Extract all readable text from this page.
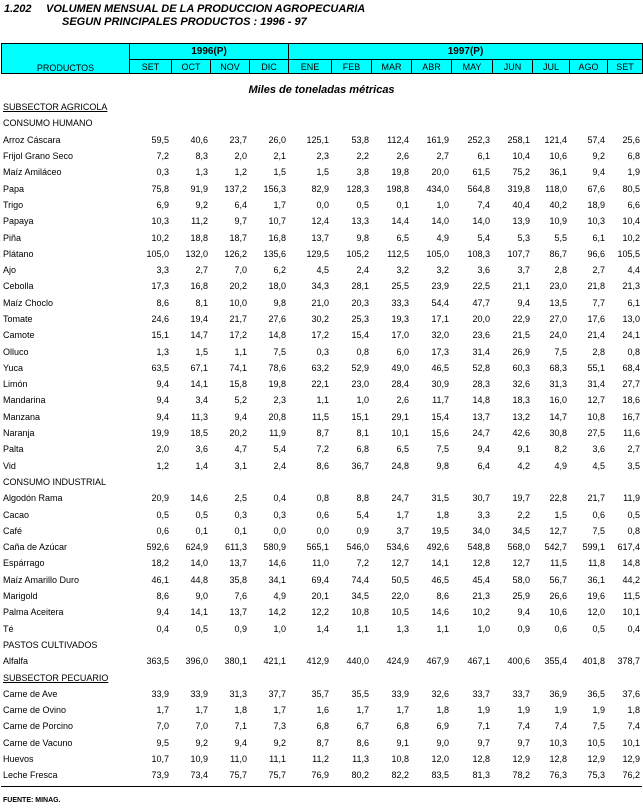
1.202 VOLUMEN MENSUAL DE LA PRODUCCION AGROPECUARIA
SEGUN PRINCIPALES PRODUCTOS : 1996 - 97
PRODUCTOS	1996(P)				1997(P)								
	SET	OCT	NOV	DIC	ENE	FEB	MAR	ABR	MAY	JUN	JUL	AGO	SET
Miles de toneladas métricas
SUBSECTOR AGRICOLA													
CONSUMO HUMANO													
Arroz Cáscara	59,5	40,6	23,7	26,0	125,1	53,8	112,4	161,9	252,3	258,1	121,4	57,4	25,6
Frijol Grano Seco	7,2	8,3	2,0	2,1	2,3	2,2	2,6	2,7	6,1	10,4	10,6	9,2	6,8
Maíz Amiláceo	0,3	1,3	1,2	1,5	1,5	3,8	19,8	20,0	61,5	75,2	36,1	9,4	1,9
Papa	75,8	91,9	137,2	156,3	82,9	128,3	198,8	434,0	564,8	319,8	118,0	67,6	80,5
Trigo	6,9	9,2	6,4	1,7	0,0	0,5	0,1	1,0	7,4	40,4	40,2	18,9	6,6
Papaya	10,3	11,2	9,7	10,7	12,4	13,3	14,4	14,0	14,0	13,9	10,9	10,3	10,4
Piña	10,2	18,8	18,7	16,8	13,7	9,8	6,5	4,9	5,4	5,3	5,5	6,1	10,2
Plátano	105,0	132,0	126,2	135,6	129,5	105,2	112,5	105,0	108,3	107,7	86,7	96,6	105,5
Ajo	3,3	2,7	7,0	6,2	4,5	2,4	3,2	3,2	3,6	3,7	2,8	2,7	4,4
Cebolla	17,3	16,8	20,2	18,0	34,3	28,1	25,5	23,9	22,5	21,1	23,0	21,8	21,3
Maíz Choclo	8,6	8,1	10,0	9,8	21,0	20,3	33,3	54,4	47,7	9,4	13,5	7,7	6,1
Tomate	24,6	19,4	21,7	27,6	30,2	25,3	19,3	17,1	20,0	22,9	27,0	17,6	13,0
Camote	15,1	14,7	17,2	14,8	17,2	15,4	17,0	32,0	23,6	21,5	24,0	21,4	24,1
Olluco	1,3	1,5	1,1	7,5	0,3	0,8	6,0	17,3	31,4	26,9	7,5	2,8	0,8
Yuca	63,5	67,1	74,1	78,6	63,2	52,9	49,0	46,5	52,8	60,3	68,3	55,1	68,4
Limón	9,4	14,1	15,8	19,8	22,1	23,0	28,4	30,9	28,3	32,6	31,3	31,4	27,7
Mandarina	9,4	3,4	5,2	2,3	1,1	1,0	2,6	11,7	14,8	18,3	16,0	12,7	18,6
Manzana	9,4	11,3	9,4	20,8	11,5	15,1	29,1	15,4	13,7	13,2	14,7	10,8	16,7
Naranja	19,9	18,5	20,2	11,9	8,7	8,1	10,1	15,6	24,7	42,6	30,8	27,5	11,6
Palta	2,0	3,6	4,7	5,4	7,2	6,8	6,5	7,5	9,4	9,1	8,2	3,6	2,7
Vid	1,2	1,4	3,1	2,4	8,6	36,7	24,8	9,8	6,4	4,2	4,9	4,5	3,5
CONSUMO INDUSTRIAL													
Algodón Rama	20,9	14,6	2,5	0,4	0,8	8,8	24,7	31,5	30,7	19,7	22,8	21,7	11,9
Cacao	0,5	0,5	0,3	0,3	0,6	5,4	1,7	1,8	3,3	2,2	1,5	0,6	0,5
Café	0,6	0,1	0,1	0,0	0,0	0,9	3,7	19,5	34,0	34,5	12,7	7,5	0,8
Caña de Azúcar	592,6	624,9	611,3	580,9	565,1	546,0	534,6	492,6	548,8	568,0	542,7	599,1	617,4
Espárrago	18,2	14,0	13,7	14,6	11,0	7,2	12,7	14,1	12,8	12,7	11,5	11,8	14,8
Maíz Amarillo Duro	46,1	44,8	35,8	34,1	69,4	74,4	50,5	46,5	45,4	58,0	56,7	36,1	44,2
Marigold	8,6	9,0	7,6	4,9	20,1	34,5	22,0	8,6	21,3	25,9	26,6	19,6	11,5
Palma Aceitera	9,4	14,1	13,7	14,2	12,2	10,8	10,5	14,6	10,2	9,4	10,6	12,0	10,1
Té	0,4	0,5	0,9	1,0	1,4	1,1	1,3	1,1	1,0	0,9	0,6	0,5	0,4
PASTOS CULTIVADOS													
Alfalfa	363,5	396,0	380,1	421,1	412,9	440,0	424,9	467,9	467,1	400,6	355,4	401,8	378,7
SUBSECTOR PECUARIO													
Carne de Ave	33,9	33,9	31,3	37,7	35,7	35,5	33,9	32,6	33,7	33,7	36,9	36,5	37,6
Carne de Ovino	1,7	1,7	1,8	1,7	1,6	1,7	1,7	1,8	1,9	1,9	1,9	1,9	1,8
Carne de Porcino	7,0	7,0	7,1	7,3	6,8	6,7	6,8	6,9	7,1	7,4	7,4	7,5	7,4
Carne de Vacuno	9,5	9,2	9,4	9,2	8,7	8,6	9,1	9,0	9,7	9,7	10,3	10,5	10,1
Huevos	10,7	10,9	11,0	11,1	11,2	11,3	10,8	12,0	12,8	12,9	12,8	12,9	12,9
Leche Fresca	73,9	73,4	75,7	75,7	76,9	80,2	82,2	83,5	81,3	78,2	76,3	75,3	76,2
FUENTE: MINAG.
